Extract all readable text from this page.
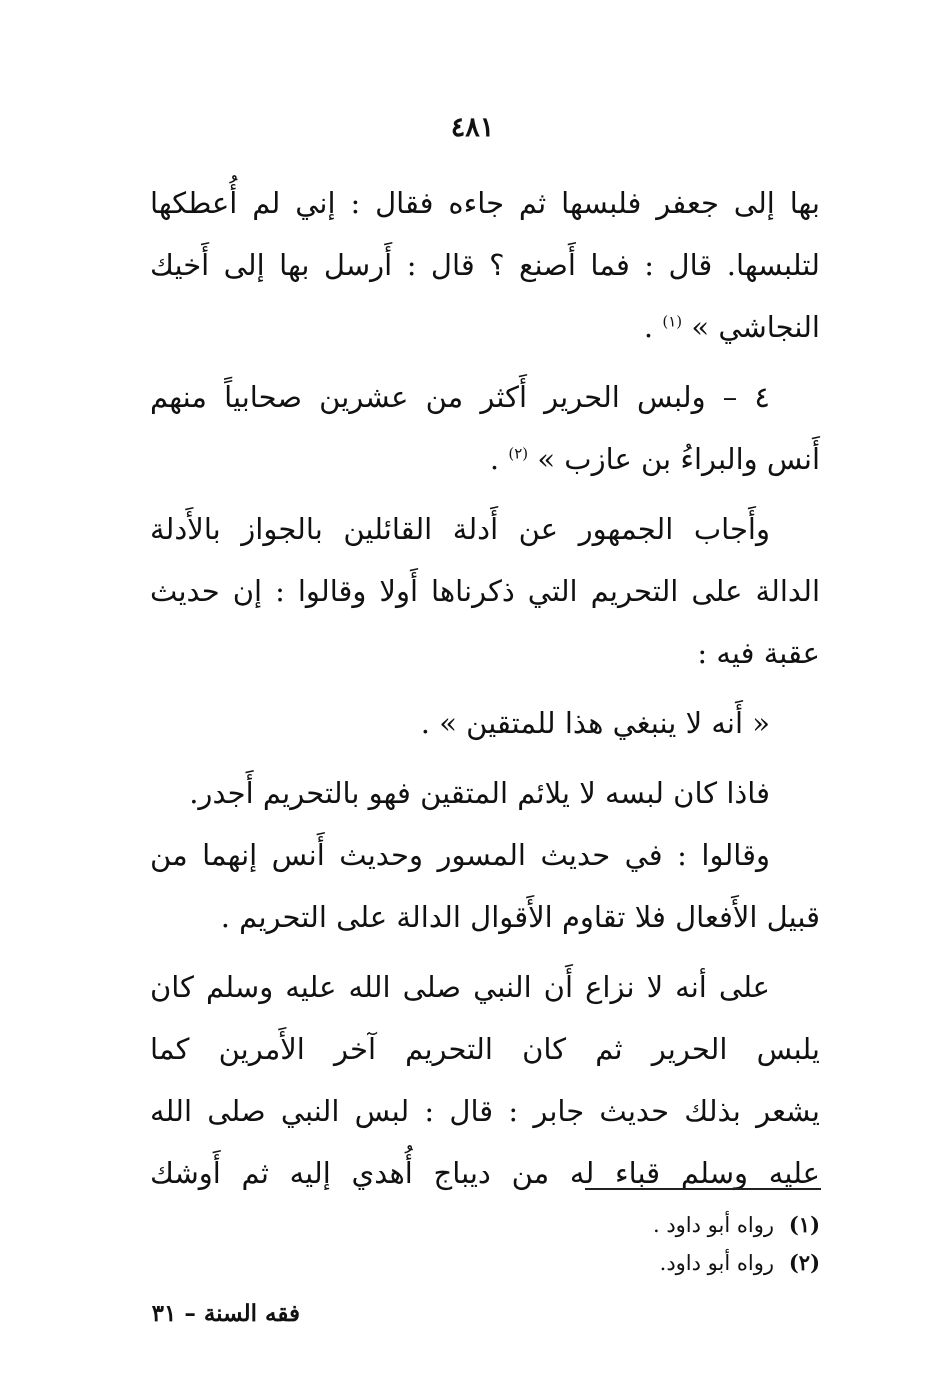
٤٨١
بها إلى جعفر فلبسها ثم جاءه فقال : إني لم أُعطكها
لتلبسها. قال : فما أَصنع ؟ قال : أَرسل بها إلى أَخيك
النجاشي » $^{(١)}$ .
٤ – ولبس الحرير أَكثر من عشرين صحابياً منهم
أَنس والبراءُ بن عازب » $^{(٢)}$ .
وأَجاب الجمهور عن أَدلة القائلين بالجواز بالأَدلة
الدالة على التحريم التي ذكرناها أَولا وقالوا : إن حديث
عقبة فيه :
« أَنه لا ينبغي هذا للمتقين » .
فاذا كان لبسه لا يلائم المتقين فهو بالتحريم أَجدر.
وقالوا : في حديث المسور وحديث أَنس إنهما من
قبيل الأَفعال فلا تقاوم الأَقوال الدالة على التحريم .
على أنه لا نزاع أَن النبي صلى الله عليه وسلم كان
يلبس الحرير ثم كان التحريم آخر الأَمرين كما
يشعر بذلك حديث جابر : قال : لبس النبي صلى الله
عليه وسلم قباء له من ديباج أُهدي إليه ثم أَوشك
(١)رواه أبو داود .
(٢)رواه أبو داود.
فقه السنة – ٣١
